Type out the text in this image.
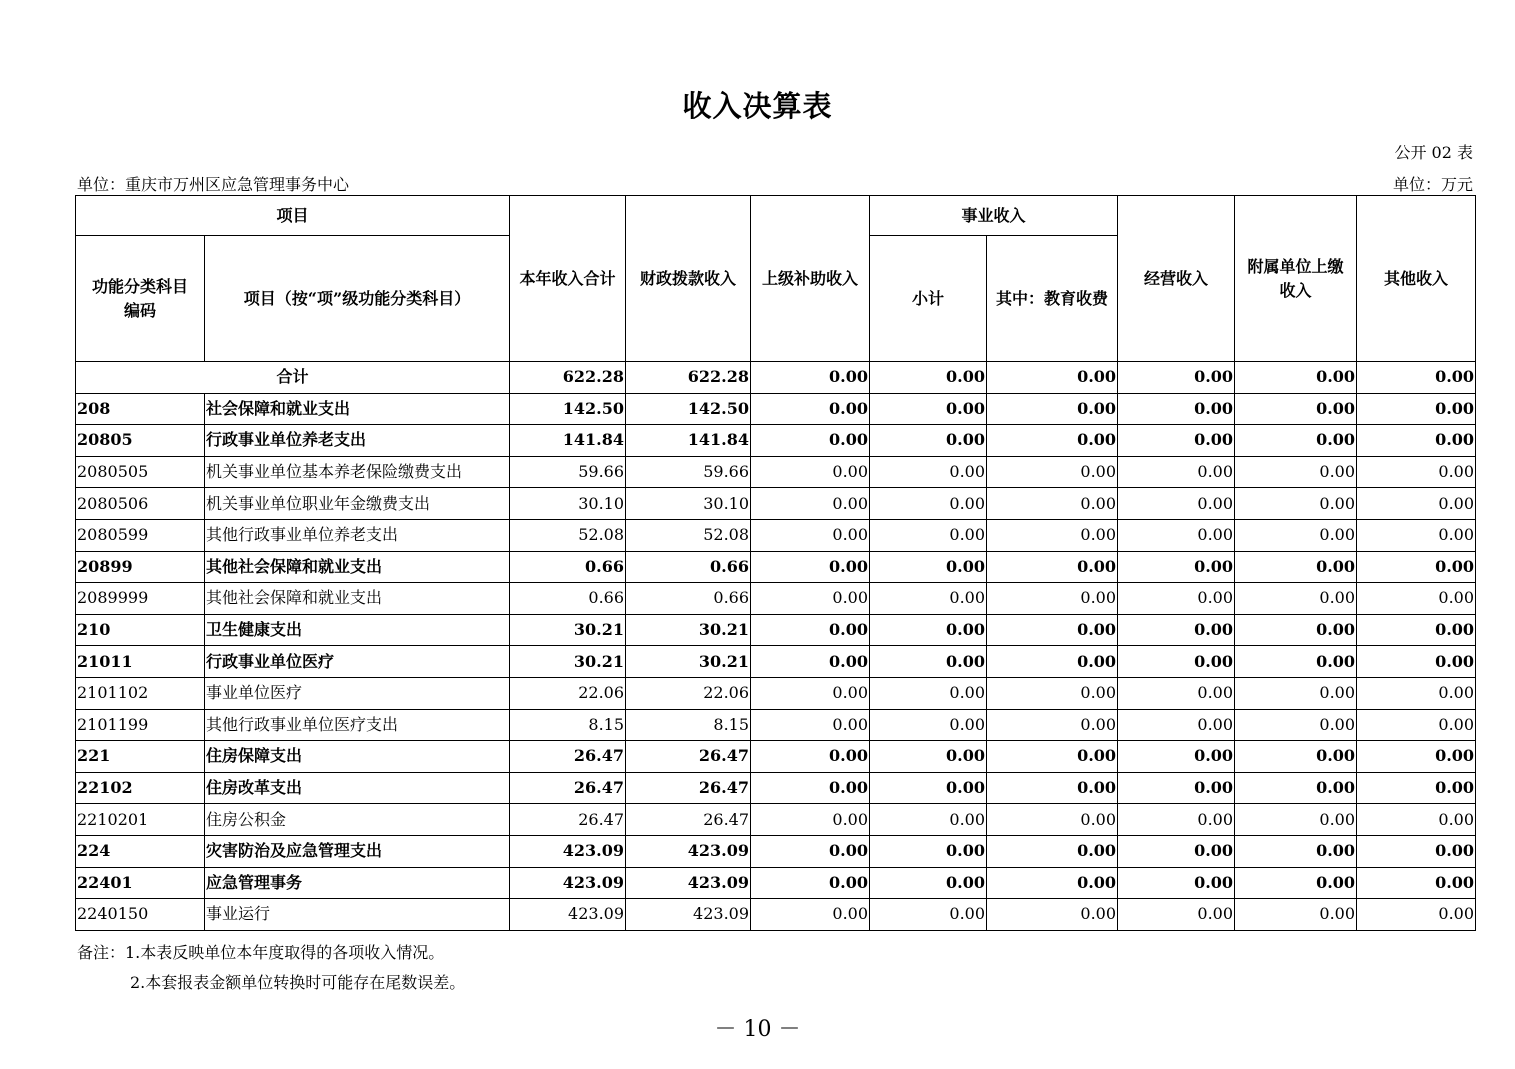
收入决算表
公开 02 表
单位：重庆市万州区应急管理事务中心	单位：万元
项目		本年收入合计	财政拨款收入	上级补助收入	事业收入		经营收入	附属单位上缴收入	其他收入
功能分类科目编码	项目（按“项”级功能分类科目）				小计	其中：教育收费			
合计		622.28	622.28	0.00	0.00	0.00	0.00	0.00	0.00
208	社会保障和就业支出	142.50	142.50	0.00	0.00	0.00	0.00	0.00	0.00
20805	行政事业单位养老支出	141.84	141.84	0.00	0.00	0.00	0.00	0.00	0.00
2080505	机关事业单位基本养老保险缴费支出	59.66	59.66	0.00	0.00	0.00	0.00	0.00	0.00
2080506	机关事业单位职业年金缴费支出	30.10	30.10	0.00	0.00	0.00	0.00	0.00	0.00
2080599	其他行政事业单位养老支出	52.08	52.08	0.00	0.00	0.00	0.00	0.00	0.00
20899	其他社会保障和就业支出	0.66	0.66	0.00	0.00	0.00	0.00	0.00	0.00
2089999	其他社会保障和就业支出	0.66	0.66	0.00	0.00	0.00	0.00	0.00	0.00
210	卫生健康支出	30.21	30.21	0.00	0.00	0.00	0.00	0.00	0.00
21011	行政事业单位医疗	30.21	30.21	0.00	0.00	0.00	0.00	0.00	0.00
2101102	事业单位医疗	22.06	22.06	0.00	0.00	0.00	0.00	0.00	0.00
2101199	其他行政事业单位医疗支出	8.15	8.15	0.00	0.00	0.00	0.00	0.00	0.00
221	住房保障支出	26.47	26.47	0.00	0.00	0.00	0.00	0.00	0.00
22102	住房改革支出	26.47	26.47	0.00	0.00	0.00	0.00	0.00	0.00
2210201	住房公积金	26.47	26.47	0.00	0.00	0.00	0.00	0.00	0.00
224	灾害防治及应急管理支出	423.09	423.09	0.00	0.00	0.00	0.00	0.00	0.00
22401	应急管理事务	423.09	423.09	0.00	0.00	0.00	0.00	0.00	0.00
2240150	事业运行	423.09	423.09	0.00	0.00	0.00	0.00	0.00	0.00
备注：1.本表反映单位本年度取得的各项收入情况。
2.本套报表金额单位转换时可能存在尾数误差。
－ 10 －
